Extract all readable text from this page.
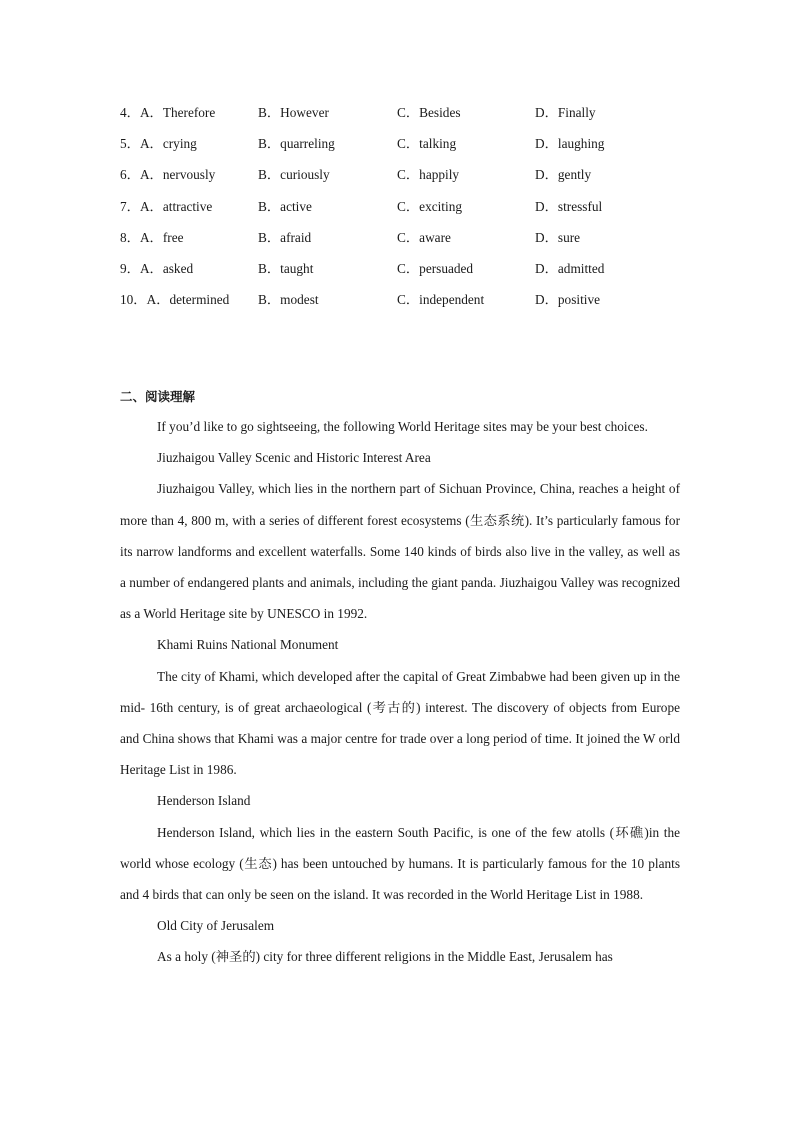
4．A．Therefore	B．However	C．Besides	D．Finally
5．A．crying	B．quarreling	C．talking	D．laughing
6．A．nervously	B．curiously	C．happily	D．gently
7．A．attractive	B．active	C．exciting	D．stressful
8．A．free	B．afraid	C．aware	D．sure
9．A．asked	B．taught	C．persuaded	D．admitted
10．A．determined B．modest	C．independent	D．positive
二、阅读理解
If you’d like to go sightseeing, the following World Heritage sites may be your best choices.
Jiuzhaigou Valley Scenic and Historic Interest Area
Jiuzhaigou Valley, which lies in the northern part of Sichuan Province, China, reaches a height of more than 4, 800 m, with a series of different forest ecosystems (生态系统). It’s particularly famous for its narrow landforms and excellent waterfalls. Some 140 kinds of birds also live in the valley, as well as a number of endangered plants and animals, including the giant panda. Jiuzhaigou Valley was recognized as a World Heritage site by UNESCO in 1992.
Khami Ruins National Monument
The city of Khami, which developed after the capital of Great Zimbabwe had been given up in the mid- 16th century, is of great archaeological (考古的) interest. The discovery of objects from Europe and China shows that Khami was a major centre for trade over a long period of time. It joined the W orld Heritage List in 1986.
Henderson Island
Henderson Island, which lies in the eastern South Pacific, is one of the few atolls (环礁)in the world whose ecology (生态) has been untouched by humans. It is particularly famous for the 10 plants and 4 birds that can only be seen on the island. It was recorded in the World Heritage List in 1988.
Old City of Jerusalem
As a holy (神圣的) city for three different religions in the Middle East, Jerusalem has
